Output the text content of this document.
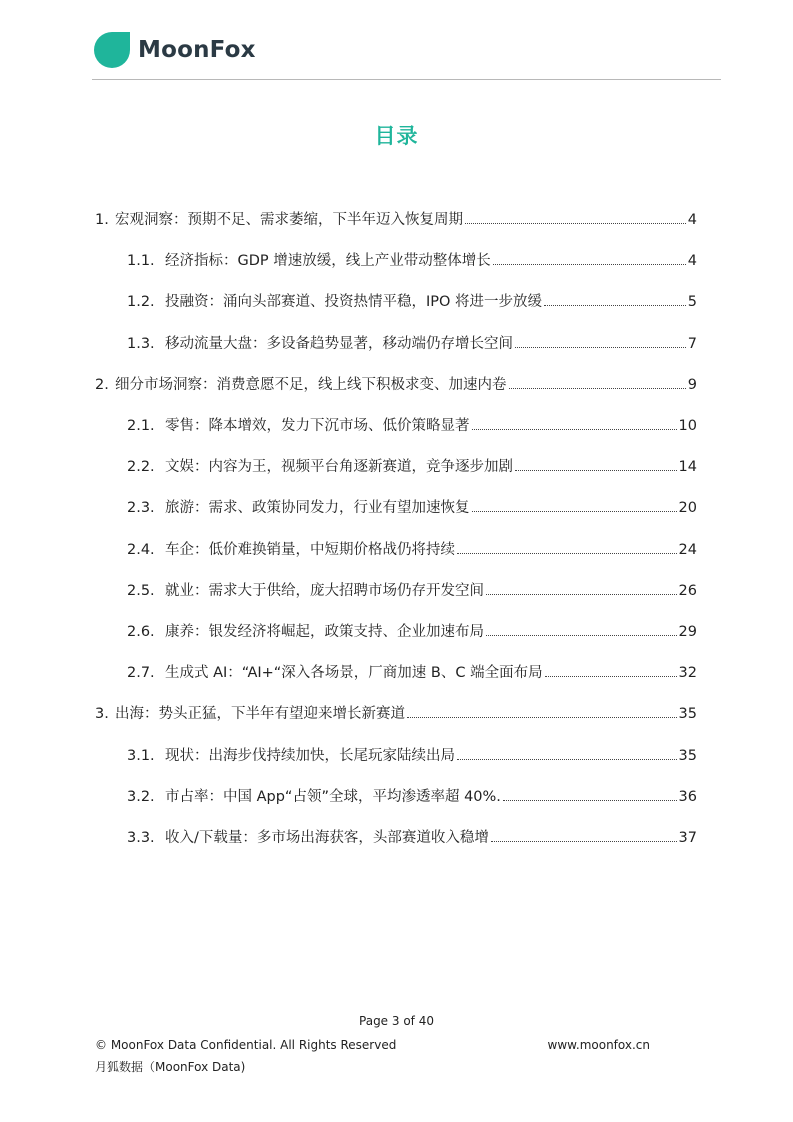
MoonFox
目录
1. 宏观洞察：预期不足、需求萎缩，下半年迈入恢复周期	4
1.1. 经济指标：GDP 增速放缓，线上产业带动整体增长	4
1.2. 投融资：涌向头部赛道、投资热情平稳，IPO 将进一步放缓	5
1.3. 移动流量大盘：多设备趋势显著，移动端仍存增长空间	7
2. 细分市场洞察：消费意愿不足，线上线下积极求变、加速内卷	9
2.1. 零售：降本增效，发力下沉市场、低价策略显著	10
2.2. 文娱：内容为王，视频平台角逐新赛道，竞争逐步加剧	14
2.3. 旅游：需求、政策协同发力，行业有望加速恢复	20
2.4. 车企：低价难换销量，中短期价格战仍将持续	24
2.5. 就业：需求大于供给，庞大招聘市场仍存开发空间	26
2.6. 康养：银发经济将崛起，政策支持、企业加速布局	29
2.7. 生成式 AI：“AI+“深入各场景，厂商加速 B、C 端全面布局	32
3. 出海：势头正猛，下半年有望迎来增长新赛道	35
3.1. 现状：出海步伐持续加快，长尾玩家陆续出局	35
3.2. 市占率：中国 App“占领”全球，平均渗透率超 40%.	36
3.3. 收入/下载量：多市场出海获客，头部赛道收入稳增	37
Page 3 of 40
© MoonFox Data Confidential. All Rights Reserved	www.moonfox.cn
月狐数据（MoonFox Data)
